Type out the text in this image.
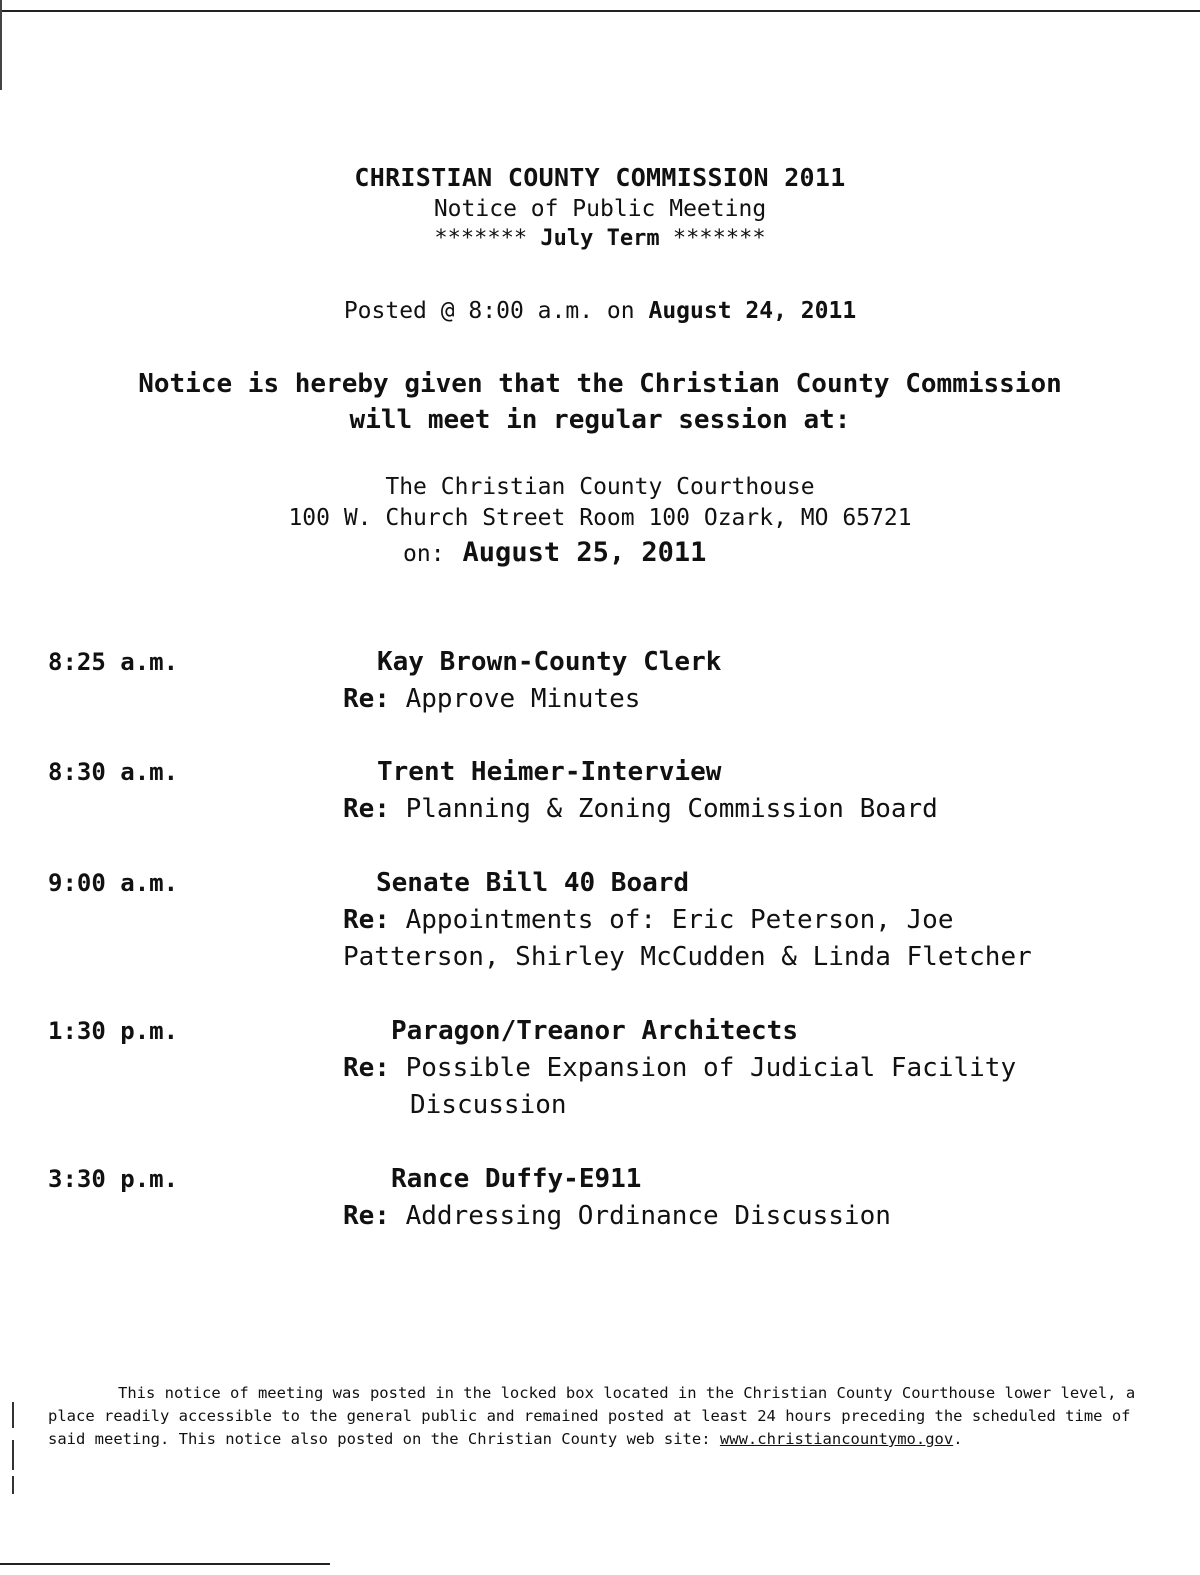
CHRISTIAN COUNTY COMMISSION 2011
Notice of Public Meeting
******* July Term *******
Posted @ 8:00 a.m. on August 24, 2011
Notice is hereby given that the Christian County Commission
will meet in regular session at:
The Christian County Courthouse
100 W. Church Street Room 100 Ozark, MO 65721
on: August 25, 2011
8:25 a.m.	Kay Brown-County Clerk
Re: Approve Minutes
8:30 a.m.	Trent Heimer-Interview
Re: Planning & Zoning Commission Board
9:00 a.m.	Senate Bill 40 Board
Re: Appointments of: Eric Peterson, Joe
Patterson, Shirley McCudden & Linda Fletcher
1:30 p.m.	Paragon/Treanor Architects
Re: Possible Expansion of Judicial Facility
Discussion
3:30 p.m.	Rance Duffy-E911
Re: Addressing Ordinance Discussion

This notice of meeting was posted in the locked box located in the Christian County Courthouse lower level, a place readily accessible to the general public and remained posted at least 24 hours preceding the scheduled time of said meeting. This notice also posted on the Christian County web site: www.christiancountymo.gov.
